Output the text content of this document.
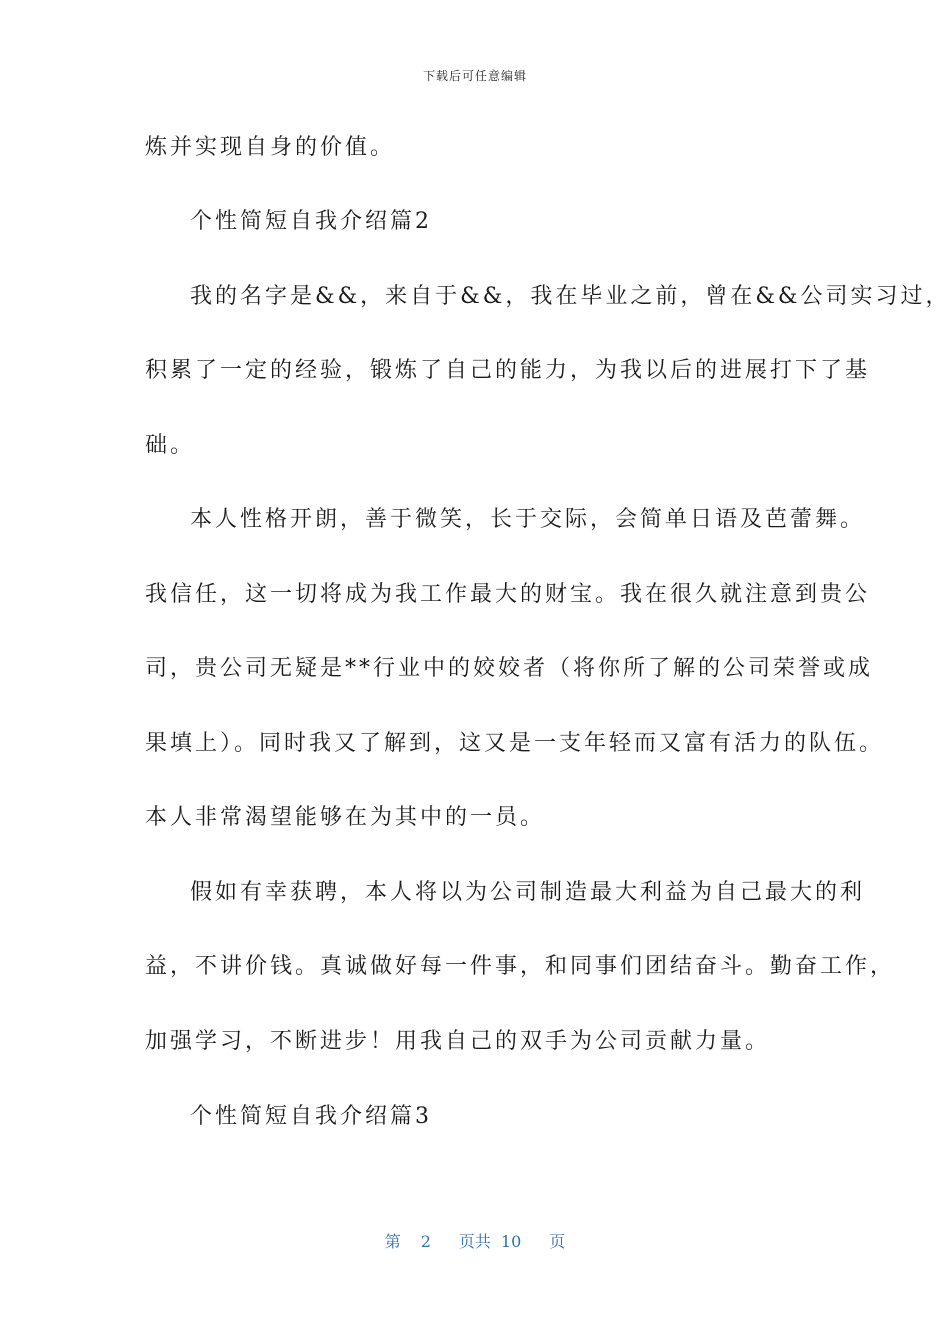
下载后可任意编辑
炼并实现自身的价值。
个性简短自我介绍篇2
我的名字是&&，来自于&&，我在毕业之前，曾在&&公司实习过，
积累了一定的经验，锻炼了自己的能力，为我以后的进展打下了基
础。
本人性格开朗，善于微笑，长于交际，会简单日语及芭蕾舞。
我信任，这一切将成为我工作最大的财宝。我在很久就注意到贵公
司，贵公司无疑是**行业中的姣姣者（将你所了解的公司荣誉或成
果填上）。同时我又了解到，这又是一支年轻而又富有活力的队伍。
本人非常渴望能够在为其中的一员。
假如有幸获聘，本人将以为公司制造最大利益为自己最大的利
益，不讲价钱。真诚做好每一件事，和同事们团结奋斗。勤奋工作，
加强学习，不断进步！用我自己的双手为公司贡献力量。
个性简短自我介绍篇3
第 2 页共 10 页
